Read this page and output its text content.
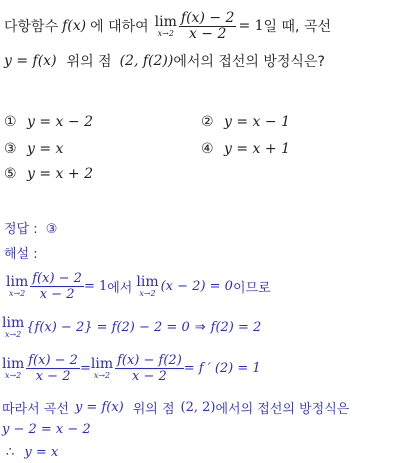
다항함수 f(x) 에 대하여 lim
$x\to 2 \frac{f(x) - 2}{x - 2} = 1$ 일 때, 곡선
y = f(x) 위의 점 (2, f(2)) 에서의 접선의 방정식은?
① y = x − 2	② y = x − 1
③ y = x	④ y = x + 1
⑤ y = x + 2
정답 : ③
해설 :
lim
$x\to 2 \frac{f(x) - 2}{x - 2} = 1$ 에서 lim
x→2 (x − 2) = 0 이므로
lim
x→2 {f(x) − 2} = f(2) − 2 = 0 ⇒ f(2) = 2
lim
$x\to 2 \frac{f(x) - 2}{x - 2} = \lim$
$x\to 2 \frac{f(x) - f(2)}{x - 2} = f$ ′ (2) = 1
따라서 곡선 y = f(x) 위의 점 (2, 2) 에서의 접선의 방정식은
y − 2 = x − 2
∴ y = x
